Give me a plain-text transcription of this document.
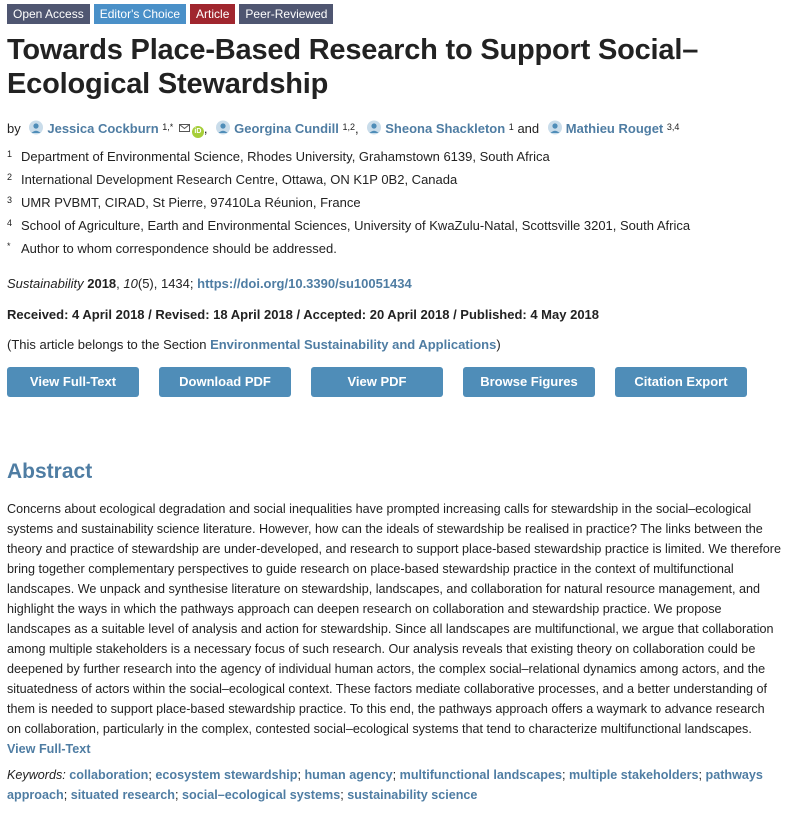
Open Access	Editor's Choice	Article	Peer-Reviewed
Towards Place-Based Research to Support Social–Ecological Stewardship
by Jessica Cockburn $^{1,*}$	iD , Georgina Cundill $^{1,2}$, Sheona Shackleton $^1$ and Mathieu Rouget $^{3,4}$
1 Department of Environmental Science, Rhodes University, Grahamstown 6139, South Africa
2 International Development Research Centre, Ottawa, ON K1P 0B2, Canada
3 UMR PVBMT, CIRAD, St Pierre, 97410La Réunion, France
4 School of Agriculture, Earth and Environmental Sciences, University of KwaZulu-Natal, Scottsville 3201, South Africa
* Author to whom correspondence should be addressed.
Sustainability 2018, 10(5), 1434; https://doi.org/10.3390/su10051434
Received: 4 April 2018 / Revised: 18 April 2018 / Accepted: 20 April 2018 / Published: 4 May 2018
(This article belongs to the Section Environmental Sustainability and Applications)
View Full-Text	Download PDF	View PDF	Browse Figures	Citation Export
Abstract
Concerns about ecological degradation and social inequalities have prompted increasing calls for stewardship in the social–ecological systems and sustainability science literature. However, how can the ideals of stewardship be realised in practice? The links between the theory and practice of stewardship are under-developed, and research to support place-based stewardship practice is limited. We therefore bring together complementary perspectives to guide research on place-based stewardship practice in the context of multifunctional landscapes. We unpack and synthesise literature on stewardship, landscapes, and collaboration for natural resource management, and highlight the ways in which the pathways approach can deepen research on collaboration and stewardship practice. We propose landscapes as a suitable level of analysis and action for stewardship. Since all landscapes are multifunctional, we argue that collaboration among multiple stakeholders is a necessary focus of such research. Our analysis reveals that existing theory on collaboration could be deepened by further research into the agency of individual human actors, the complex social–relational dynamics among actors, and the situatedness of actors within the social–ecological context. These factors mediate collaborative processes, and a better understanding of them is needed to support place-based stewardship practice. To this end, the pathways approach offers a waymark to advance research on collaboration, particularly in the complex, contested social–ecological systems that tend to characterize multifunctional landscapes. View Full-Text
Keywords: collaboration; ecosystem stewardship; human agency; multifunctional landscapes; multiple stakeholders; pathways approach; situated research; social–ecological systems; sustainability science
